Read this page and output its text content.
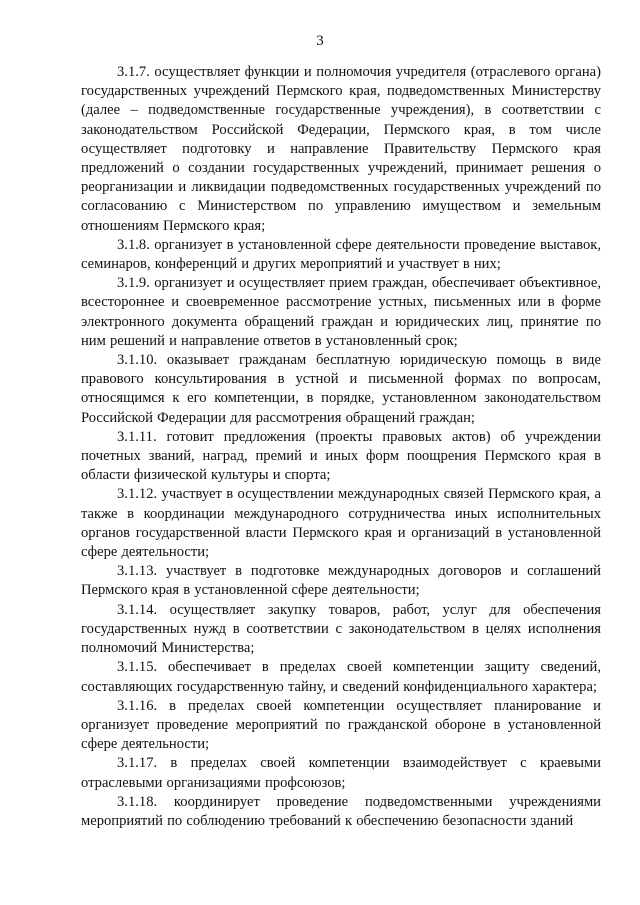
3

3.1.7. осуществляет функции и полномочия учредителя (отраслевого органа) государственных учреждений Пермского края, подведомственных Министерству (далее – подведомственные государственные учреждения), в соответствии с законодательством Российской Федерации, Пермского края, в том числе осуществляет подготовку и направление Правительству Пермского края предложений о создании государственных учреждений, принимает решения о реорганизации и ликвидации подведомственных государственных учреждений по согласованию с Министерством по управлению имуществом и земельным отношениям Пермского края;

3.1.8. организует в установленной сфере деятельности проведение выставок, семинаров, конференций и других мероприятий и участвует в них;

3.1.9. организует и осуществляет прием граждан, обеспечивает объективное, всестороннее и своевременное рассмотрение устных, письменных или в форме электронного документа обращений граждан и юридических лиц, принятие по ним решений и направление ответов в установленный срок;

3.1.10. оказывает гражданам бесплатную юридическую помощь в виде правового консультирования в устной и письменной формах по вопросам, относящимся к его компетенции, в порядке, установленном законодательством Российской Федерации для рассмотрения обращений граждан;

3.1.11. готовит предложения (проекты правовых актов) об учреждении почетных званий, наград, премий и иных форм поощрения Пермского края в области физической культуры и спорта;

3.1.12. участвует в осуществлении международных связей Пермского края, а также в координации международного сотрудничества иных исполнительных органов государственной власти Пермского края и организаций в установленной сфере деятельности;

3.1.13. участвует в подготовке международных договоров и соглашений Пермского края в установленной сфере деятельности;

3.1.14. осуществляет закупку товаров, работ, услуг для обеспечения государственных нужд в соответствии с законодательством в целях исполнения полномочий Министерства;

3.1.15. обеспечивает в пределах своей компетенции защиту сведений, составляющих государственную тайну, и сведений конфиденциального характера;

3.1.16. в пределах своей компетенции осуществляет планирование и организует проведение мероприятий по гражданской обороне в установленной сфере деятельности;

3.1.17. в пределах своей компетенции взаимодействует с краевыми отраслевыми организациями профсоюзов;

3.1.18. координирует проведение подведомственными учреждениями мероприятий по соблюдению требований к обеспечению безопасности зданий
